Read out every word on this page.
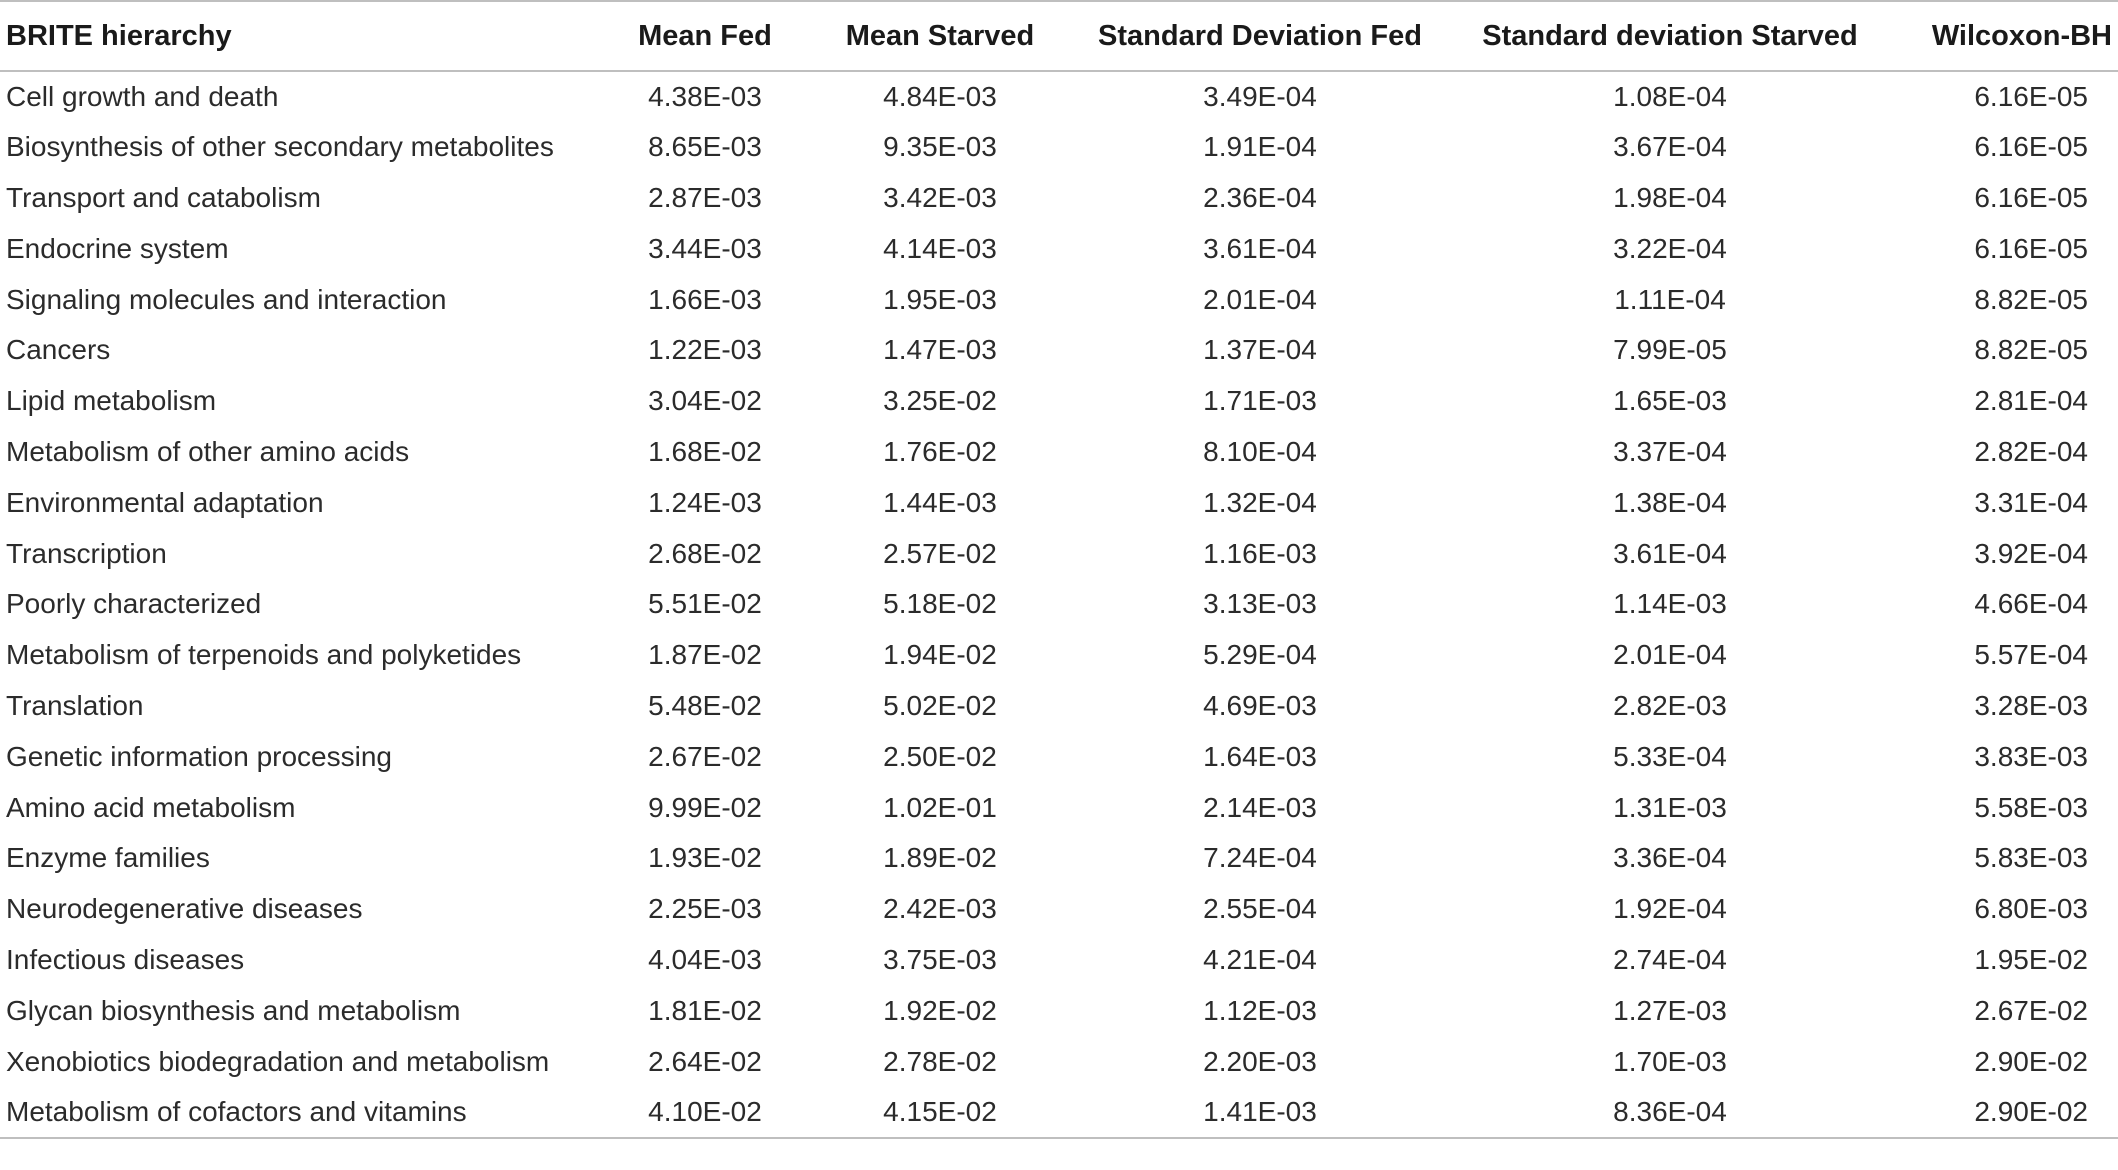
BRITE hierarchy	Mean Fed	Mean Starved	Standard Deviation Fed	Standard deviation Starved	Wilcoxon-BH
Cell growth and death	4.38E-03	4.84E-03	3.49E-04	1.08E-04	6.16E-05
Biosynthesis of other secondary metabolites	8.65E-03	9.35E-03	1.91E-04	3.67E-04	6.16E-05
Transport and catabolism	2.87E-03	3.42E-03	2.36E-04	1.98E-04	6.16E-05
Endocrine system	3.44E-03	4.14E-03	3.61E-04	3.22E-04	6.16E-05
Signaling molecules and interaction	1.66E-03	1.95E-03	2.01E-04	1.11E-04	8.82E-05
Cancers	1.22E-03	1.47E-03	1.37E-04	7.99E-05	8.82E-05
Lipid metabolism	3.04E-02	3.25E-02	1.71E-03	1.65E-03	2.81E-04
Metabolism of other amino acids	1.68E-02	1.76E-02	8.10E-04	3.37E-04	2.82E-04
Environmental adaptation	1.24E-03	1.44E-03	1.32E-04	1.38E-04	3.31E-04
Transcription	2.68E-02	2.57E-02	1.16E-03	3.61E-04	3.92E-04
Poorly characterized	5.51E-02	5.18E-02	3.13E-03	1.14E-03	4.66E-04
Metabolism of terpenoids and polyketides	1.87E-02	1.94E-02	5.29E-04	2.01E-04	5.57E-04
Translation	5.48E-02	5.02E-02	4.69E-03	2.82E-03	3.28E-03
Genetic information processing	2.67E-02	2.50E-02	1.64E-03	5.33E-04	3.83E-03
Amino acid metabolism	9.99E-02	1.02E-01	2.14E-03	1.31E-03	5.58E-03
Enzyme families	1.93E-02	1.89E-02	7.24E-04	3.36E-04	5.83E-03
Neurodegenerative diseases	2.25E-03	2.42E-03	2.55E-04	1.92E-04	6.80E-03
Infectious diseases	4.04E-03	3.75E-03	4.21E-04	2.74E-04	1.95E-02
Glycan biosynthesis and metabolism	1.81E-02	1.92E-02	1.12E-03	1.27E-03	2.67E-02
Xenobiotics biodegradation and metabolism	2.64E-02	2.78E-02	2.20E-03	1.70E-03	2.90E-02
Metabolism of cofactors and vitamins	4.10E-02	4.15E-02	1.41E-03	8.36E-04	2.90E-02
